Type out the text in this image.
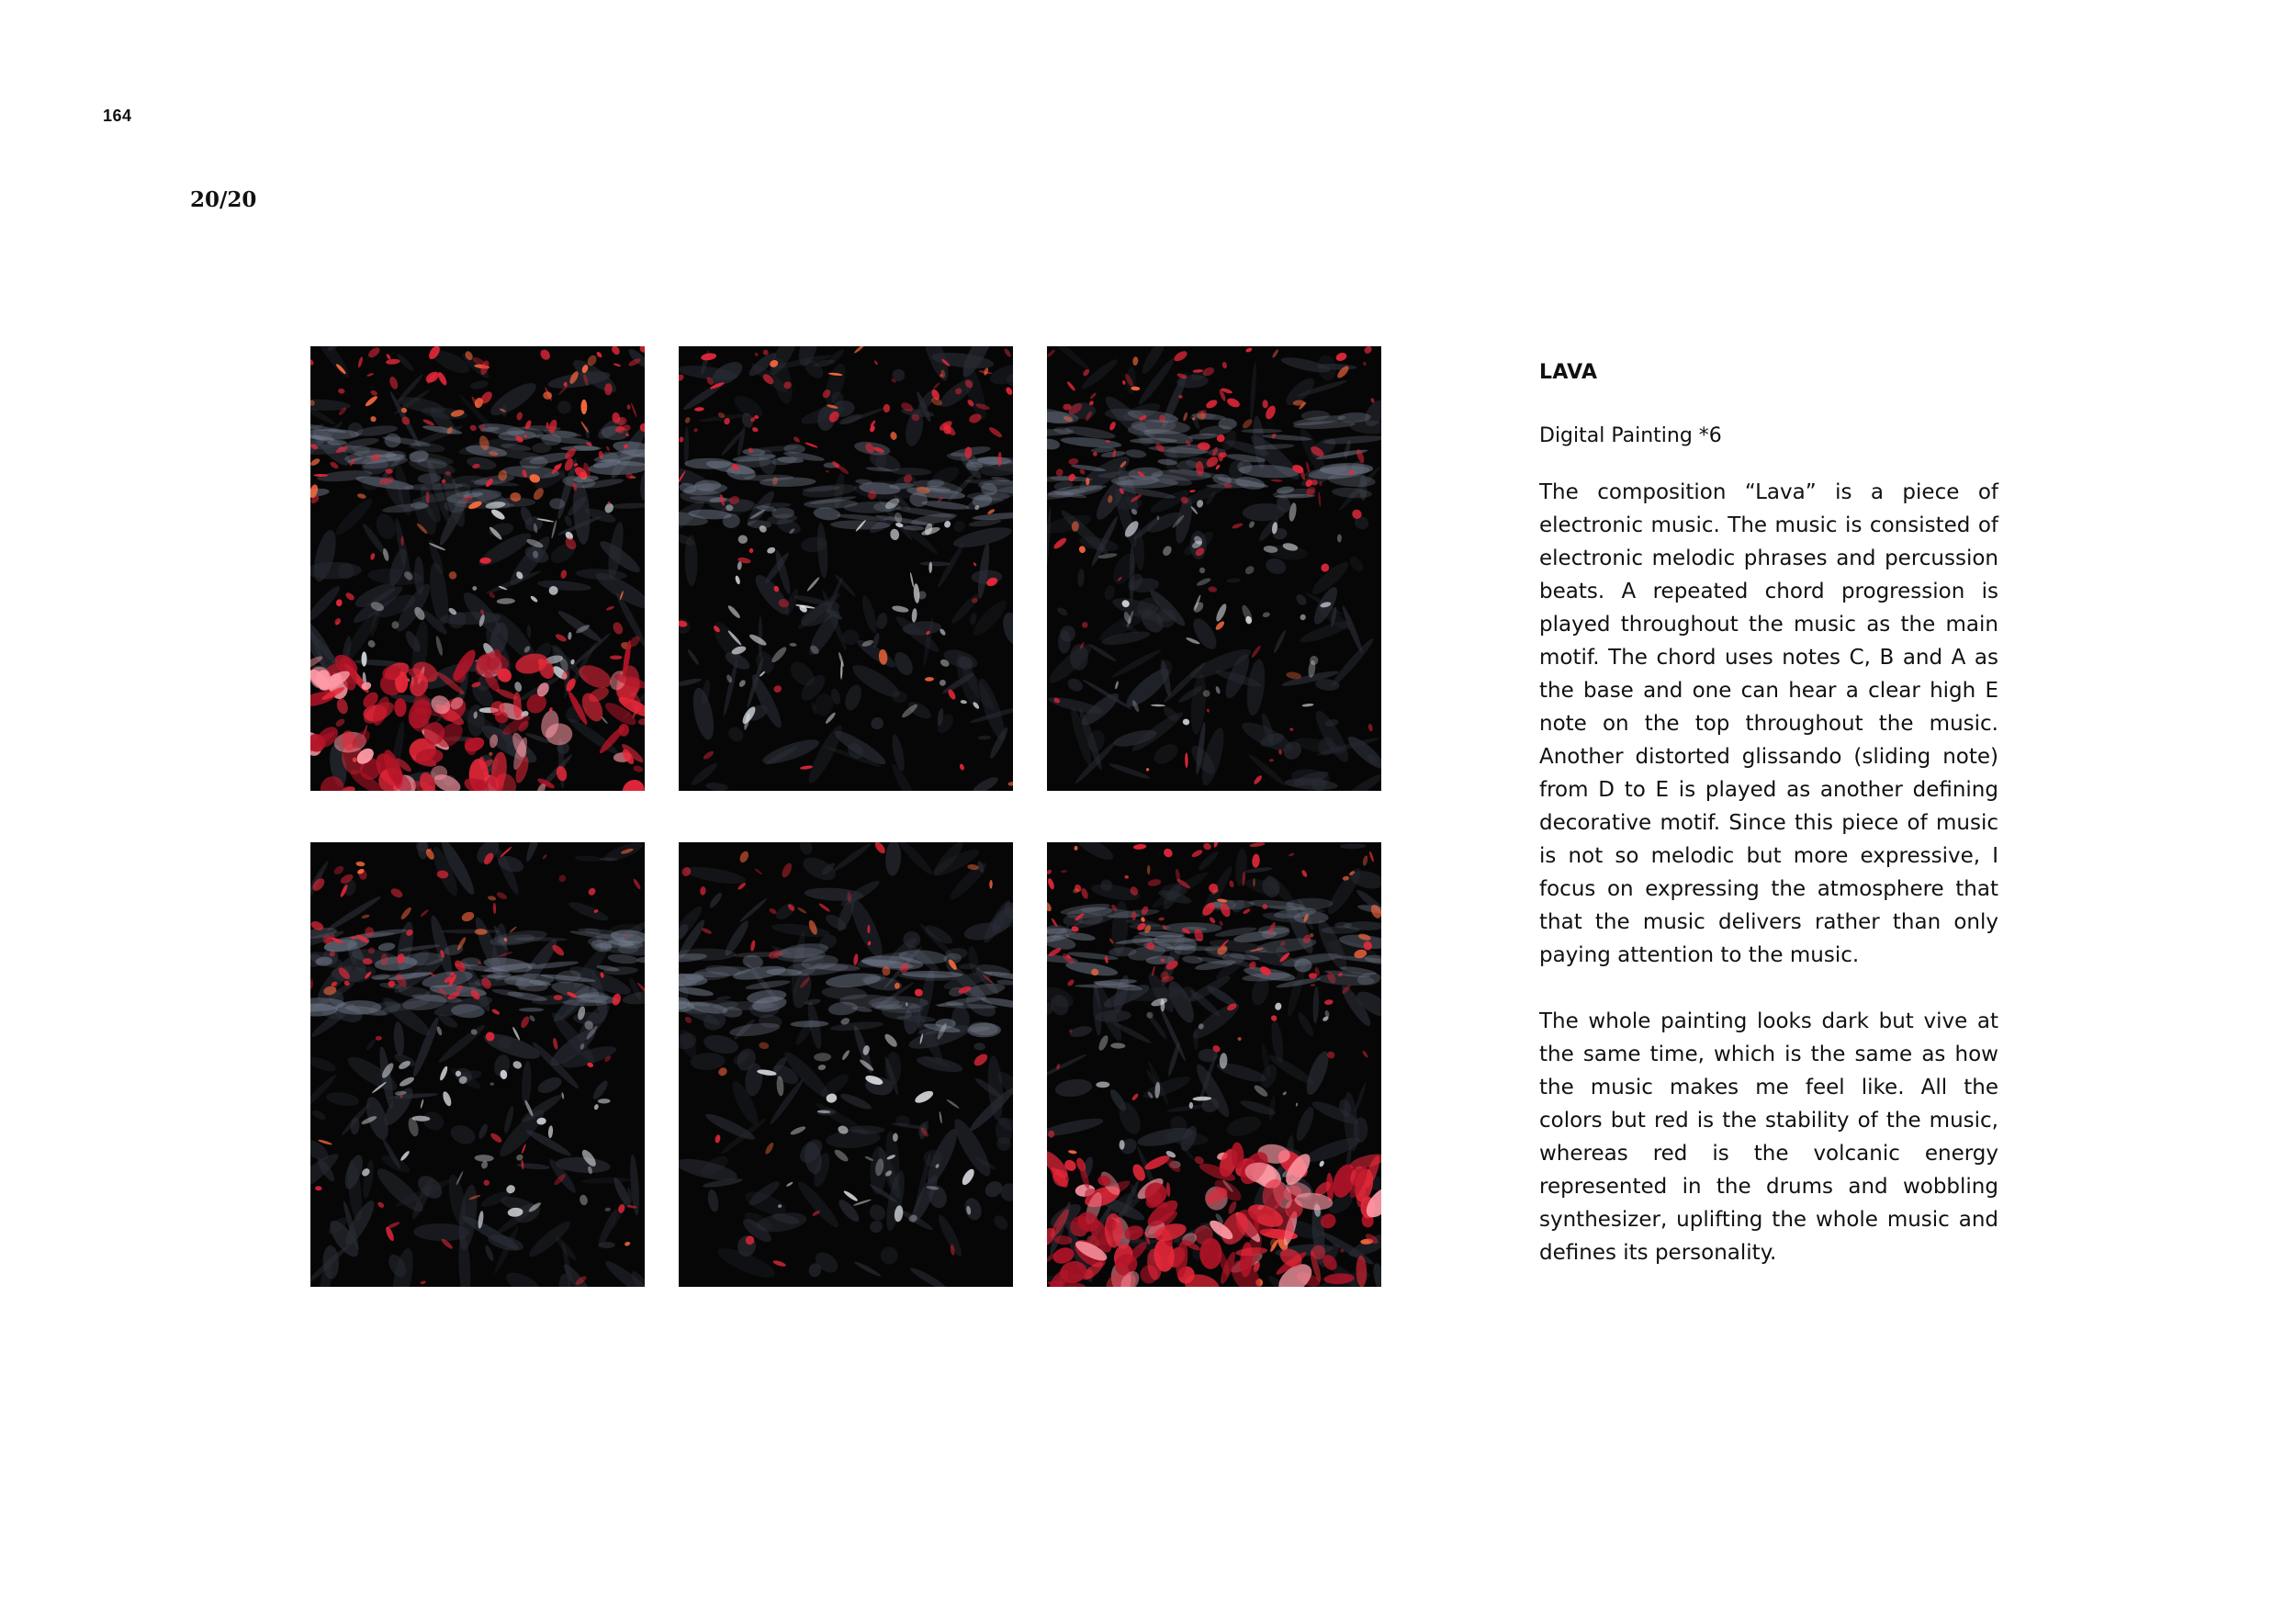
164
20/20
LAVA
Digital Painting *6

The composition “Lava” is a piece of electronic music. The music is consisted of electronic melodic phrases and percussion beats. A repeated chord progression is played throughout the music as the main motif. The chord uses notes C, B and A as the base and one can hear a clear high E note on the top throughout the music. Another distorted glissando (sliding note) from D to E is played as another defining decorative motif. Since this piece of music is not so melodic but more expressive, I focus on expressing the atmosphere that that the music delivers rather than only paying attention to the music.

The whole painting looks dark but vive at the same time, which is the same as how the music makes me feel like. All the colors but red is the stability of the music, whereas red is the volcanic energy represented in the drums and wobbling synthesizer, uplifting the whole music and defines its personality.
